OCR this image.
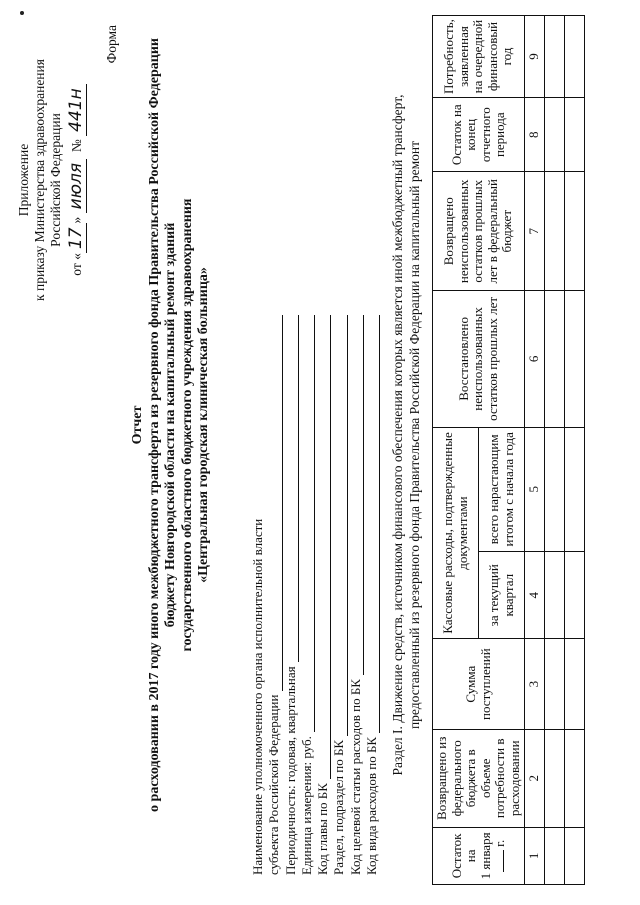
Приложение к приказу Министерства здравоохранения Российской Федерации
от «17» июля  № 441н
Форма
Отчет о расходовании в 2017 году иного межбюджетного трансферта из резервного фонда Правительства Российской Федерации бюджету Новгородской области на капитальный ремонт зданий государственного областного бюджетного учреждения здравоохранения «Центральная городская клиническая больница»
Наименование уполномоченного органа исполнительной власти субъекта Российской Федерации Периодичность: годовая, квартальная Единица измерения: руб. Код главы по БК Раздел, подраздел по БК Код целевой статьи расходов по БК Код вида расходов по БК
Раздел I. Движение средств, источником финансового обеспечения которых является иной межбюджетный трансферт, предоставленный из резервного фонда Правительства Российской Федерации на капитальный ремонт
Остаток на 1 января г.	Возвращено из федерального бюджета в объеме потребности в расходовании	Сумма поступлений	Кассовые расходы, подтвержденные документами		Восстановлено неиспользованных остатков прошлых лет	Возвращено неиспользованных остатков прошлых лет в федеральный бюджет	Остаток на конец отчетного периода	Потребность, заявленная на очередной финансовый год
			за текущий квартал	всего нарастающим итогом с начала года				
1	2	3	4	5	6	7	8	9
